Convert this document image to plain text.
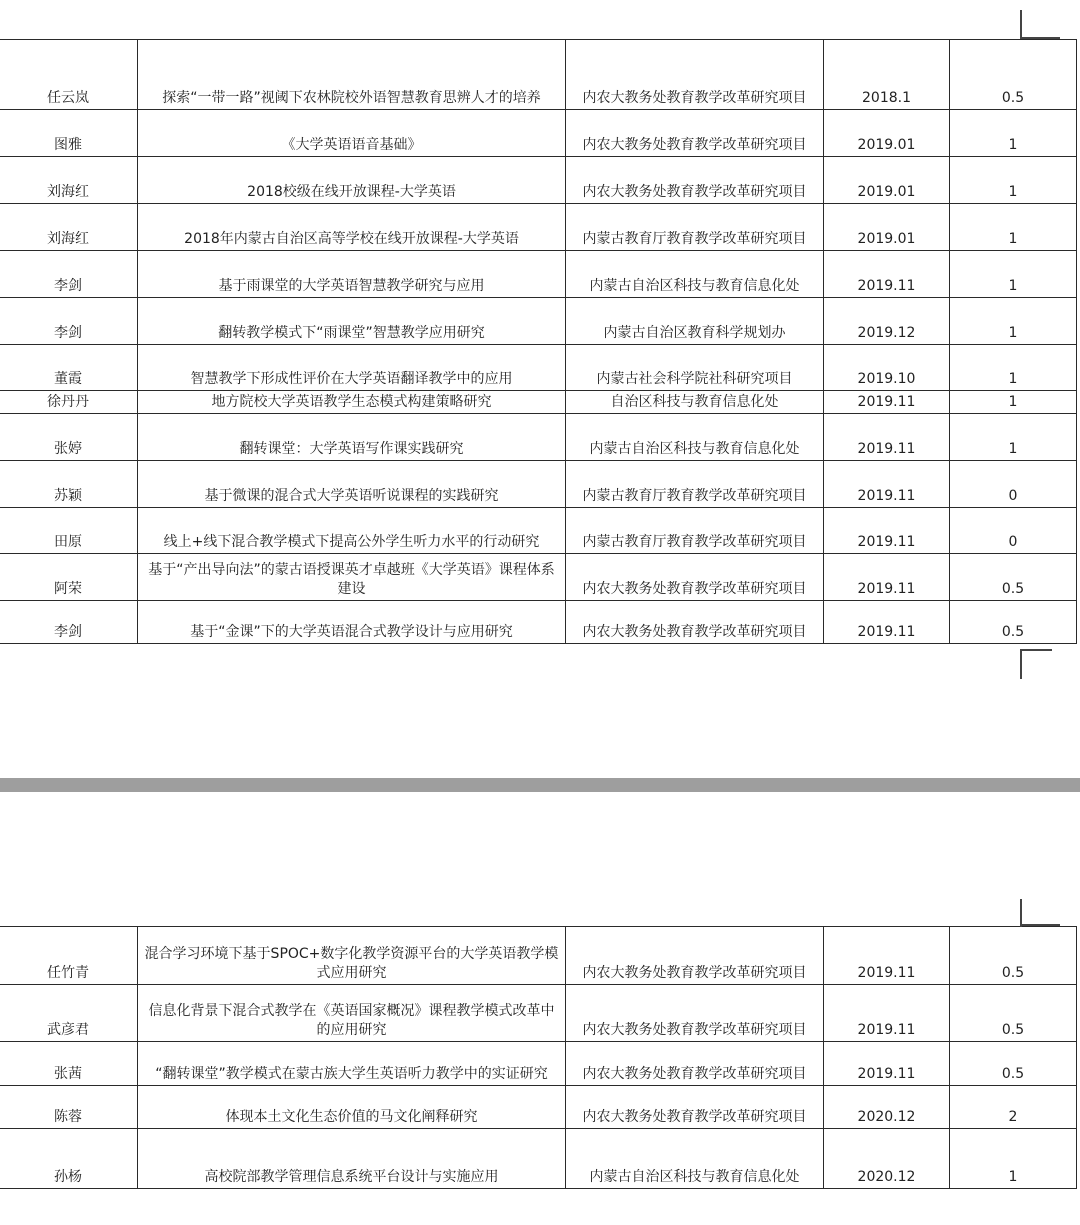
任云岚	探索“一带一路”视阈下农林院校外语智慧教育思辨人才的培养	内农大教务处教育教学改革研究项目	2018.1	0.5
图雅	《大学英语语音基础》	内农大教务处教育教学改革研究项目	2019.01	1
刘海红	2018校级在线开放课程-大学英语	内农大教务处教育教学改革研究项目	2019.01	1
刘海红	2018年内蒙古自治区高等学校在线开放课程-大学英语	内蒙古教育厅教育教学改革研究项目	2019.01	1
李剑	基于雨课堂的大学英语智慧教学研究与应用	内蒙古自治区科技与教育信息化处	2019.11	1
李剑	翻转教学模式下“雨课堂”智慧教学应用研究	内蒙古自治区教育科学规划办	2019.12	1
董霞	智慧教学下形成性评价在大学英语翻译教学中的应用	内蒙古社会科学院社科研究项目	2019.10	1
徐丹丹	地方院校大学英语教学生态模式构建策略研究	自治区科技与教育信息化处	2019.11	1
张婷	翻转课堂：大学英语写作课实践研究	内蒙古自治区科技与教育信息化处	2019.11	1
苏颖	基于微课的混合式大学英语听说课程的实践研究	内蒙古教育厅教育教学改革研究项目	2019.11	0
田原	线上+线下混合教学模式下提高公外学生听力水平的行动研究	内蒙古教育厅教育教学改革研究项目	2019.11	0
阿荣	基于“产出导向法”的蒙古语授课英才卓越班《大学英语》课程体系建设	内农大教务处教育教学改革研究项目	2019.11	0.5
李剑	基于“金课”下的大学英语混合式教学设计与应用研究	内农大教务处教育教学改革研究项目	2019.11	0.5
任竹青	混合学习环境下基于SPOC+数字化教学资源平台的大学英语教学模式应用研究	内农大教务处教育教学改革研究项目	2019.11	0.5
武彦君	信息化背景下混合式教学在《英语国家概况》课程教学模式改革中的应用研究	内农大教务处教育教学改革研究项目	2019.11	0.5
张茜	“翻转课堂”教学模式在蒙古族大学生英语听力教学中的实证研究	内农大教务处教育教学改革研究项目	2019.11	0.5
陈蓉	体现本土文化生态价值的马文化阐释研究	内农大教务处教育教学改革研究项目	2020.12	2
孙杨	高校院部教学管理信息系统平台设计与实施应用	内蒙古自治区科技与教育信息化处	2020.12	1
